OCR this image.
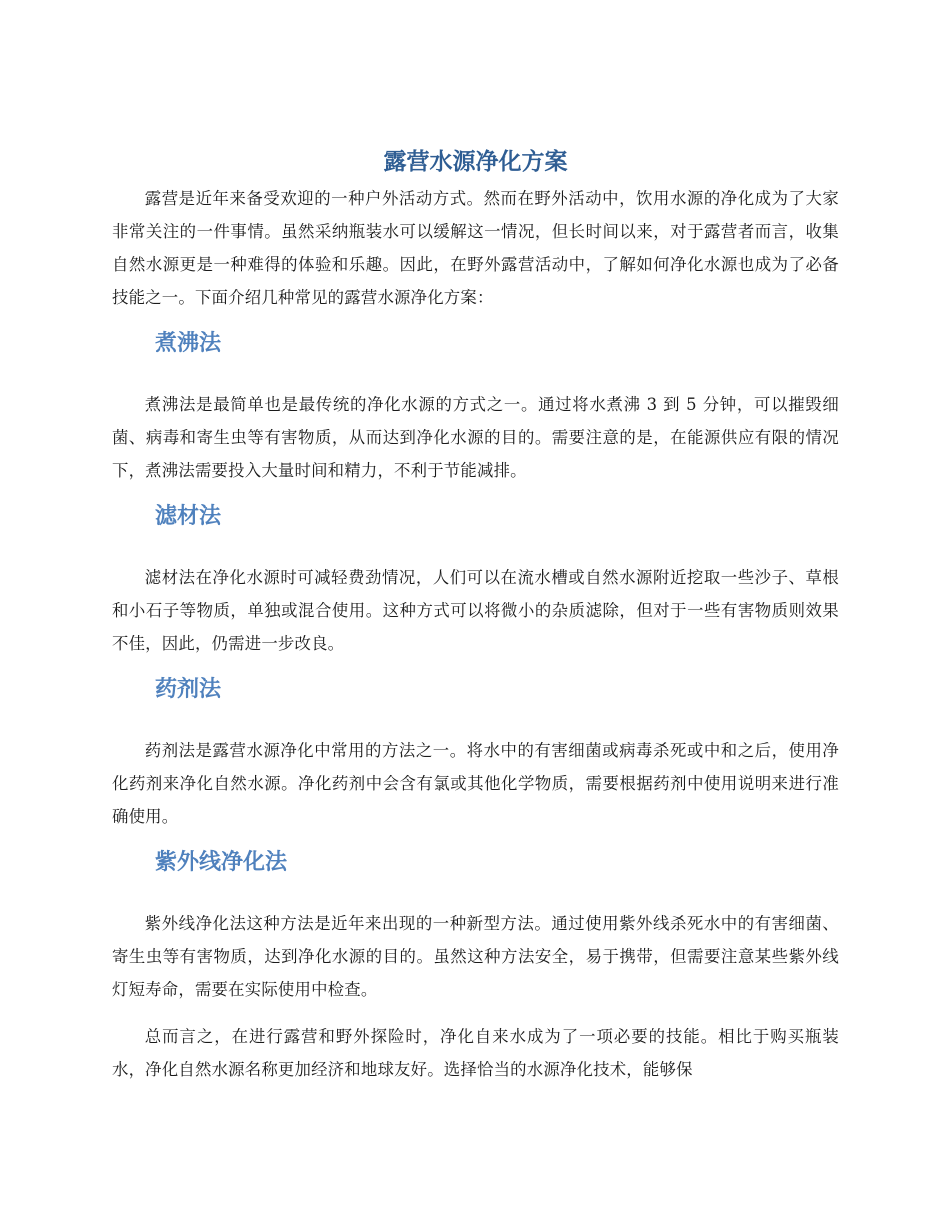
露营水源净化方案

露营是近年来备受欢迎的一种户外活动方式。然而在野外活动中，饮用水源的净化成为了大家非常关注的一件事情。虽然采纳瓶装水可以缓解这一情况，但长时间以来，对于露营者而言，收集自然水源更是一种难得的体验和乐趣。因此，在野外露营活动中，了解如何净化水源也成为了必备技能之一。下面介绍几种常见的露营水源净化方案：

煮沸法

煮沸法是最简单也是最传统的净化水源的方式之一。通过将水煮沸 3 到 5 分钟，可以摧毁细菌、病毒和寄生虫等有害物质，从而达到净化水源的目的。需要注意的是，在能源供应有限的情况下，煮沸法需要投入大量时间和精力，不利于节能减排。

滤材法

滤材法在净化水源时可减轻费劲情况，人们可以在流水槽或自然水源附近挖取一些沙子、草根和小石子等物质，单独或混合使用。这种方式可以将微小的杂质滤除，但对于一些有害物质则效果不佳，因此，仍需进一步改良。

药剂法

药剂法是露营水源净化中常用的方法之一。将水中的有害细菌或病毒杀死或中和之后，使用净化药剂来净化自然水源。净化药剂中会含有氯或其他化学物质，需要根据药剂中使用说明来进行准确使用。

紫外线净化法

紫外线净化法这种方法是近年来出现的一种新型方法。通过使用紫外线杀死水中的有害细菌、寄生虫等有害物质，达到净化水源的目的。虽然这种方法安全，易于携带，但需要注意某些紫外线灯短寿命，需要在实际使用中检查。

总而言之，在进行露营和野外探险时，净化自来水成为了一项必要的技能。相比于购买瓶装水，净化自然水源名称更加经济和地球友好。选择恰当的水源净化技术，能够保
